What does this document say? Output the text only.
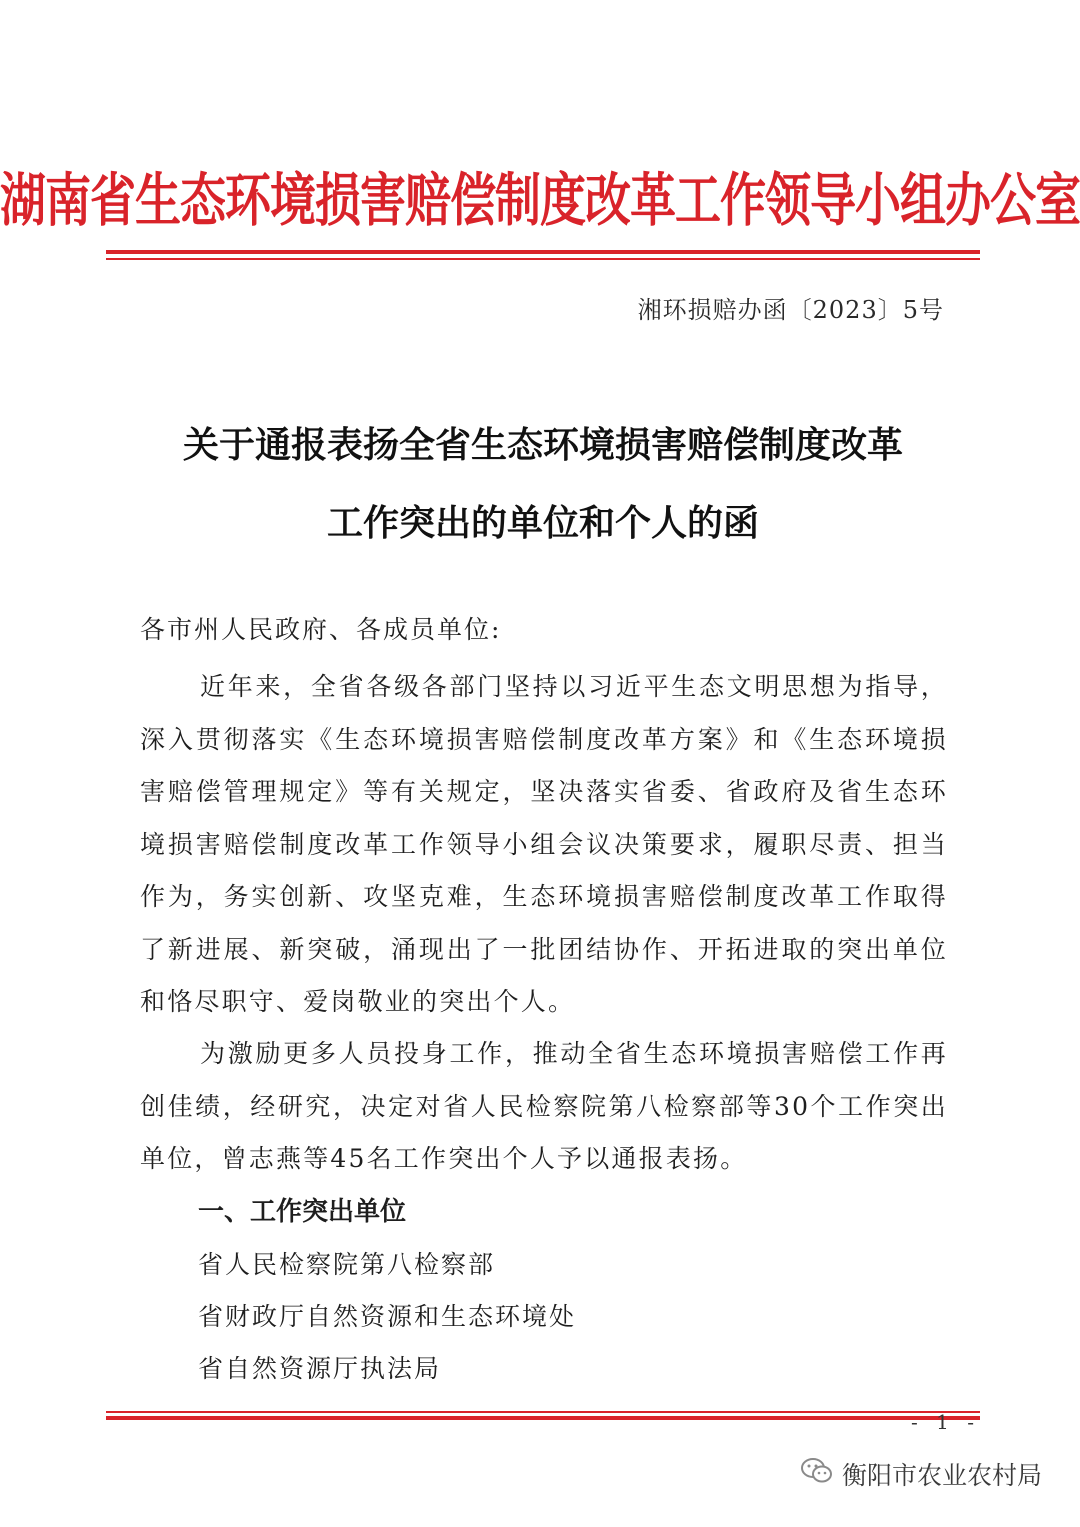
湖南省生态环境损害赔偿制度改革工作领导小组办公室
湘环损赔办函〔2023〕5号
关于通报表扬全省生态环境损害赔偿制度改革
工作突出的单位和个人的函
各市州人民政府、各成员单位:
近年来，全省各级各部门坚持以习近平生态文明思想为指导，深入贯彻落实《生态环境损害赔偿制度改革方案》和《生态环境损害赔偿管理规定》等有关规定，坚决落实省委、省政府及省生态环境损害赔偿制度改革工作领导小组会议决策要求，履职尽责、担当作为，务实创新、攻坚克难，生态环境损害赔偿制度改革工作取得了新进展、新突破，涌现出了一批团结协作、开拓进取的突出单位和恪尽职守、爱岗敬业的突出个人。
为激励更多人员投身工作，推动全省生态环境损害赔偿工作再创佳绩，经研究，决定对省人民检察院第八检察部等30个工作突出单位，曾志燕等45名工作突出个人予以通报表扬。
一、工作突出单位
省人民检察院第八检察部
省财政厅自然资源和生态环境处
省自然资源厅执法局
- 1 -
衡阳市农业农村局
